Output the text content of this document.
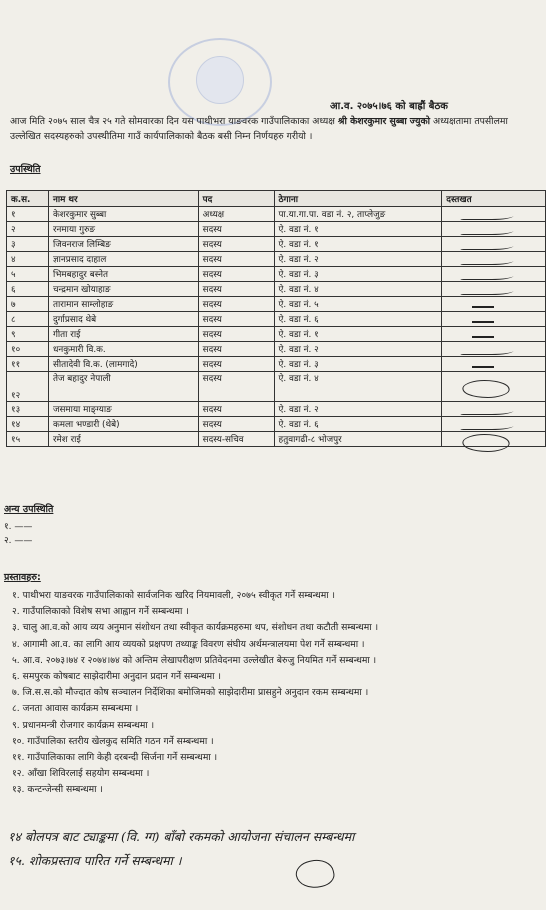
आ.व. २०७५।७६ को बाह्रौं बैठक
आज मिति २०७५ साल चैत्र २५ गते सोमवारका दिन यस पाथीभरा याङवरक गाउँपालिकाका अध्यक्ष श्री केशरकुमार सुब्बा ज्युको अध्यक्षतामा तपसीलमा उल्लेखित सदस्यहरुको उपस्थीतिमा गाउँ कार्यपालिकाको बैठक बसी निम्न निर्णयहरु गरीयो ।
उपस्थिति
क.स.	नाम थर	पद	ठेगाना	दस्तखत
१	केशरकुमार सुब्बा	अध्यक्ष	पा.या.गा.पा. वडा नं. २, ताप्लेजुङ	

२	रनमाया गुरुङ	सदस्य	ऐ. वडा नं. १	

३	जिवनराज लिम्बिङ	सदस्य	ऐ. वडा नं. १	

४	ज्ञानप्रसाद दाहाल	सदस्य	ऐ. वडा नं. २	

५	भिमबहादुर बस्नेत	सदस्य	ऐ. वडा नं. ३	

६	चन्द्रमान खोयाहाङ	सदस्य	ऐ. वडा नं. ४	

७	तारामान साम्लोहाङ	सदस्य	ऐ. वडा नं. ५	

८	दुर्गाप्रसाद थेबे	सदस्य	ऐ. वडा नं. ६	

९	गीता राई	सदस्य	ऐ. वडा नं. १	

१०	धनकुमारी वि.क.	सदस्य	ऐ. वडा नं. २	

११	सीताद‍ेवी वि.क. (लामगादे)	सदस्य	ऐ. वडा नं. ३	

१२	तेज बहादुर नेपाली	सदस्य	ऐ. वडा नं. ४	

१३	जसमाया माङ्ग्याङ	सदस्य	ऐ. वडा नं. २	

१४	कमला भण्डारी (थेबे)	सदस्य	ऐ. वडा नं. ६	

१५	रमेश राई	सदस्य-सचिव	हतुवागढी-८ भोजपुर	
अन्य उपस्थिति
१. ——
२. ——
प्रस्तावहरु:
१. पाथीभरा याङवरक गाउँपालिकाको सार्वजनिक खरिद नियमावली, २०७५ स्वीकृत गर्ने सम्बन्धमा ।
२. गाउँपालिकाको विशेष सभा आह्वान गर्ने सम्बन्धमा ।
३. चालु आ.व.को आय व्यय अनुमान संशोधन तथा स्वीकृत कार्यक्रमहरुमा थप, संशोधन तथा कटौती सम्बन्धमा ।
४. आगामी आ.व. का लागि आय व्ययको प्रक्षपण तथ्याङ्क विवरण संघीय अर्थमन्त्रालयमा पेश गर्ने सम्बन्धमा ।
५. आ.व. २०७३।७४ र २०७४।७४ को अन्तिम लेखापरीक्षण प्रतिवेदनमा उल्लेखीत बेरुजु नियमित गर्ने सम्बन्धमा ।
६. समपुरक कोषबाट साझेदारीमा अनुदान प्रदान गर्ने सम्बन्धमा ।
७. जि.स.स.को मौज्दात कोष सञ्चालन निर्देशिका बमोजिमको साझेदारीमा प्रासहुने अनुदान रकम सम्बन्धमा ।
८. जनता आवास कार्यक्रम सम्बन्धमा ।
९. प्रधानमन्त्री रोजगार कार्यक्रम सम्बन्धमा ।
१०. गाउँपालिका स्तरीय खेलकुद समिति गठन गर्ने सम्बन्धमा ।
११. गाउँपालिकाका लागि केही दरबन्दी सिर्जना गर्ने सम्बन्धमा ।
१२. आँखा शिविरलाई सहयोग सम्बन्धमा ।
१३. कन्टन्जेन्सी सम्बन्धमा ।
१४ बोलपत्र बाट ट्याङ्कमा (वि. ग्ग) बाँबो रकमको आयोजना संचालन सम्बन्धमा
१५. शोकप्रस्ताव पारित गर्ने सम्बन्धमा ।
